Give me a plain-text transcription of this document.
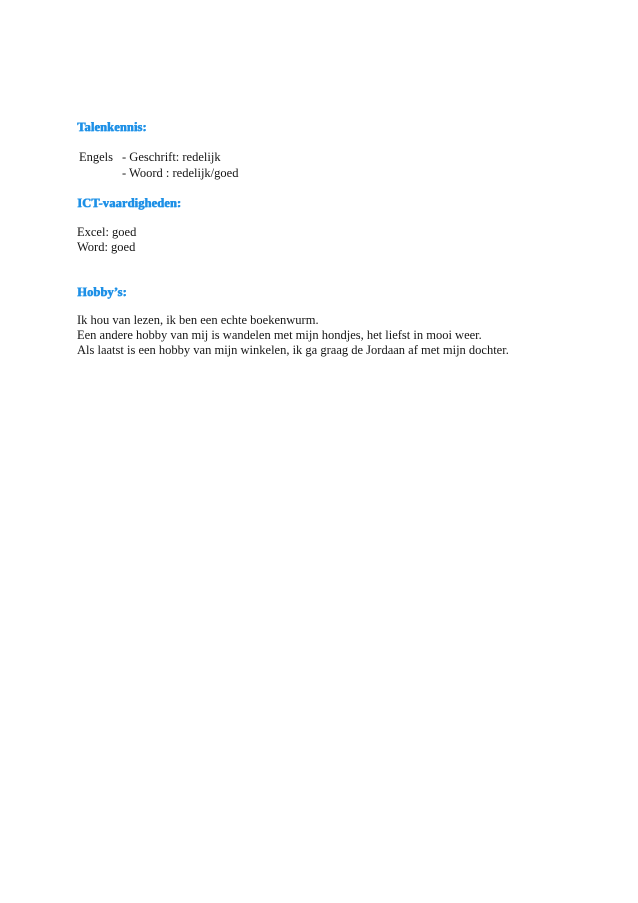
Talenkennis:
Engels - Geschrift: redelijk
- Woord : redelijk/goed
ICT-vaardigheden:
Excel: goed
Word: goed
Hobby’s:
Ik hou van lezen, ik ben een echte boekenwurm.
Een andere hobby van mij is wandelen met mijn hondjes, het liefst in mooi weer.
Als laatst is een hobby van mijn winkelen, ik ga graag de Jordaan af met mijn dochter.
